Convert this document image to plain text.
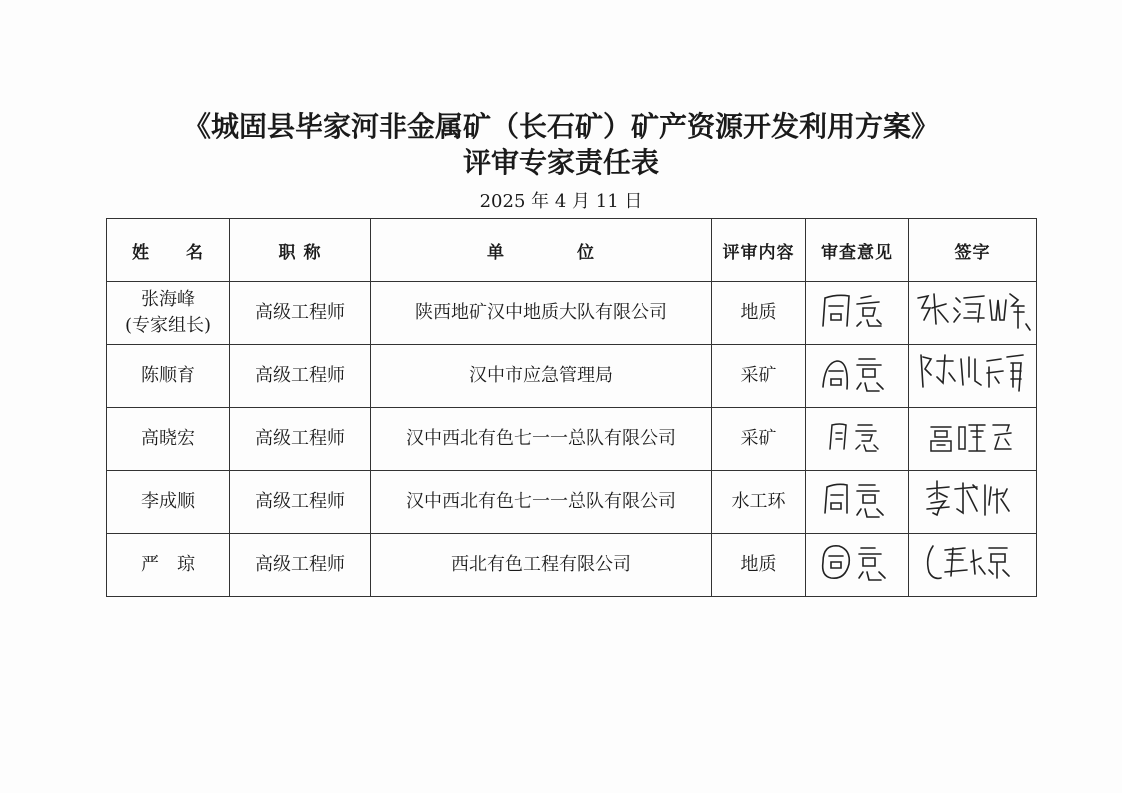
《城固县毕家河非金属矿（长石矿）矿产资源开发利用方案》
评审专家责任表
2025 年 4 月 11 日
姓　　名	职 称	单　　　　位	评审内容	审查意见	签字

张海峰
(专家组长)	高级工程师	陕西地矿汉中地质大队有限公司	地质	

陈顺育	高级工程师	汉中市应急管理局	采矿	

高晓宏	高级工程师	汉中西北有色七一一总队有限公司	采矿	

李成顺	高级工程师	汉中西北有色七一一总队有限公司	水工环	

严　琼	高级工程师	西北有色工程有限公司	地质	
